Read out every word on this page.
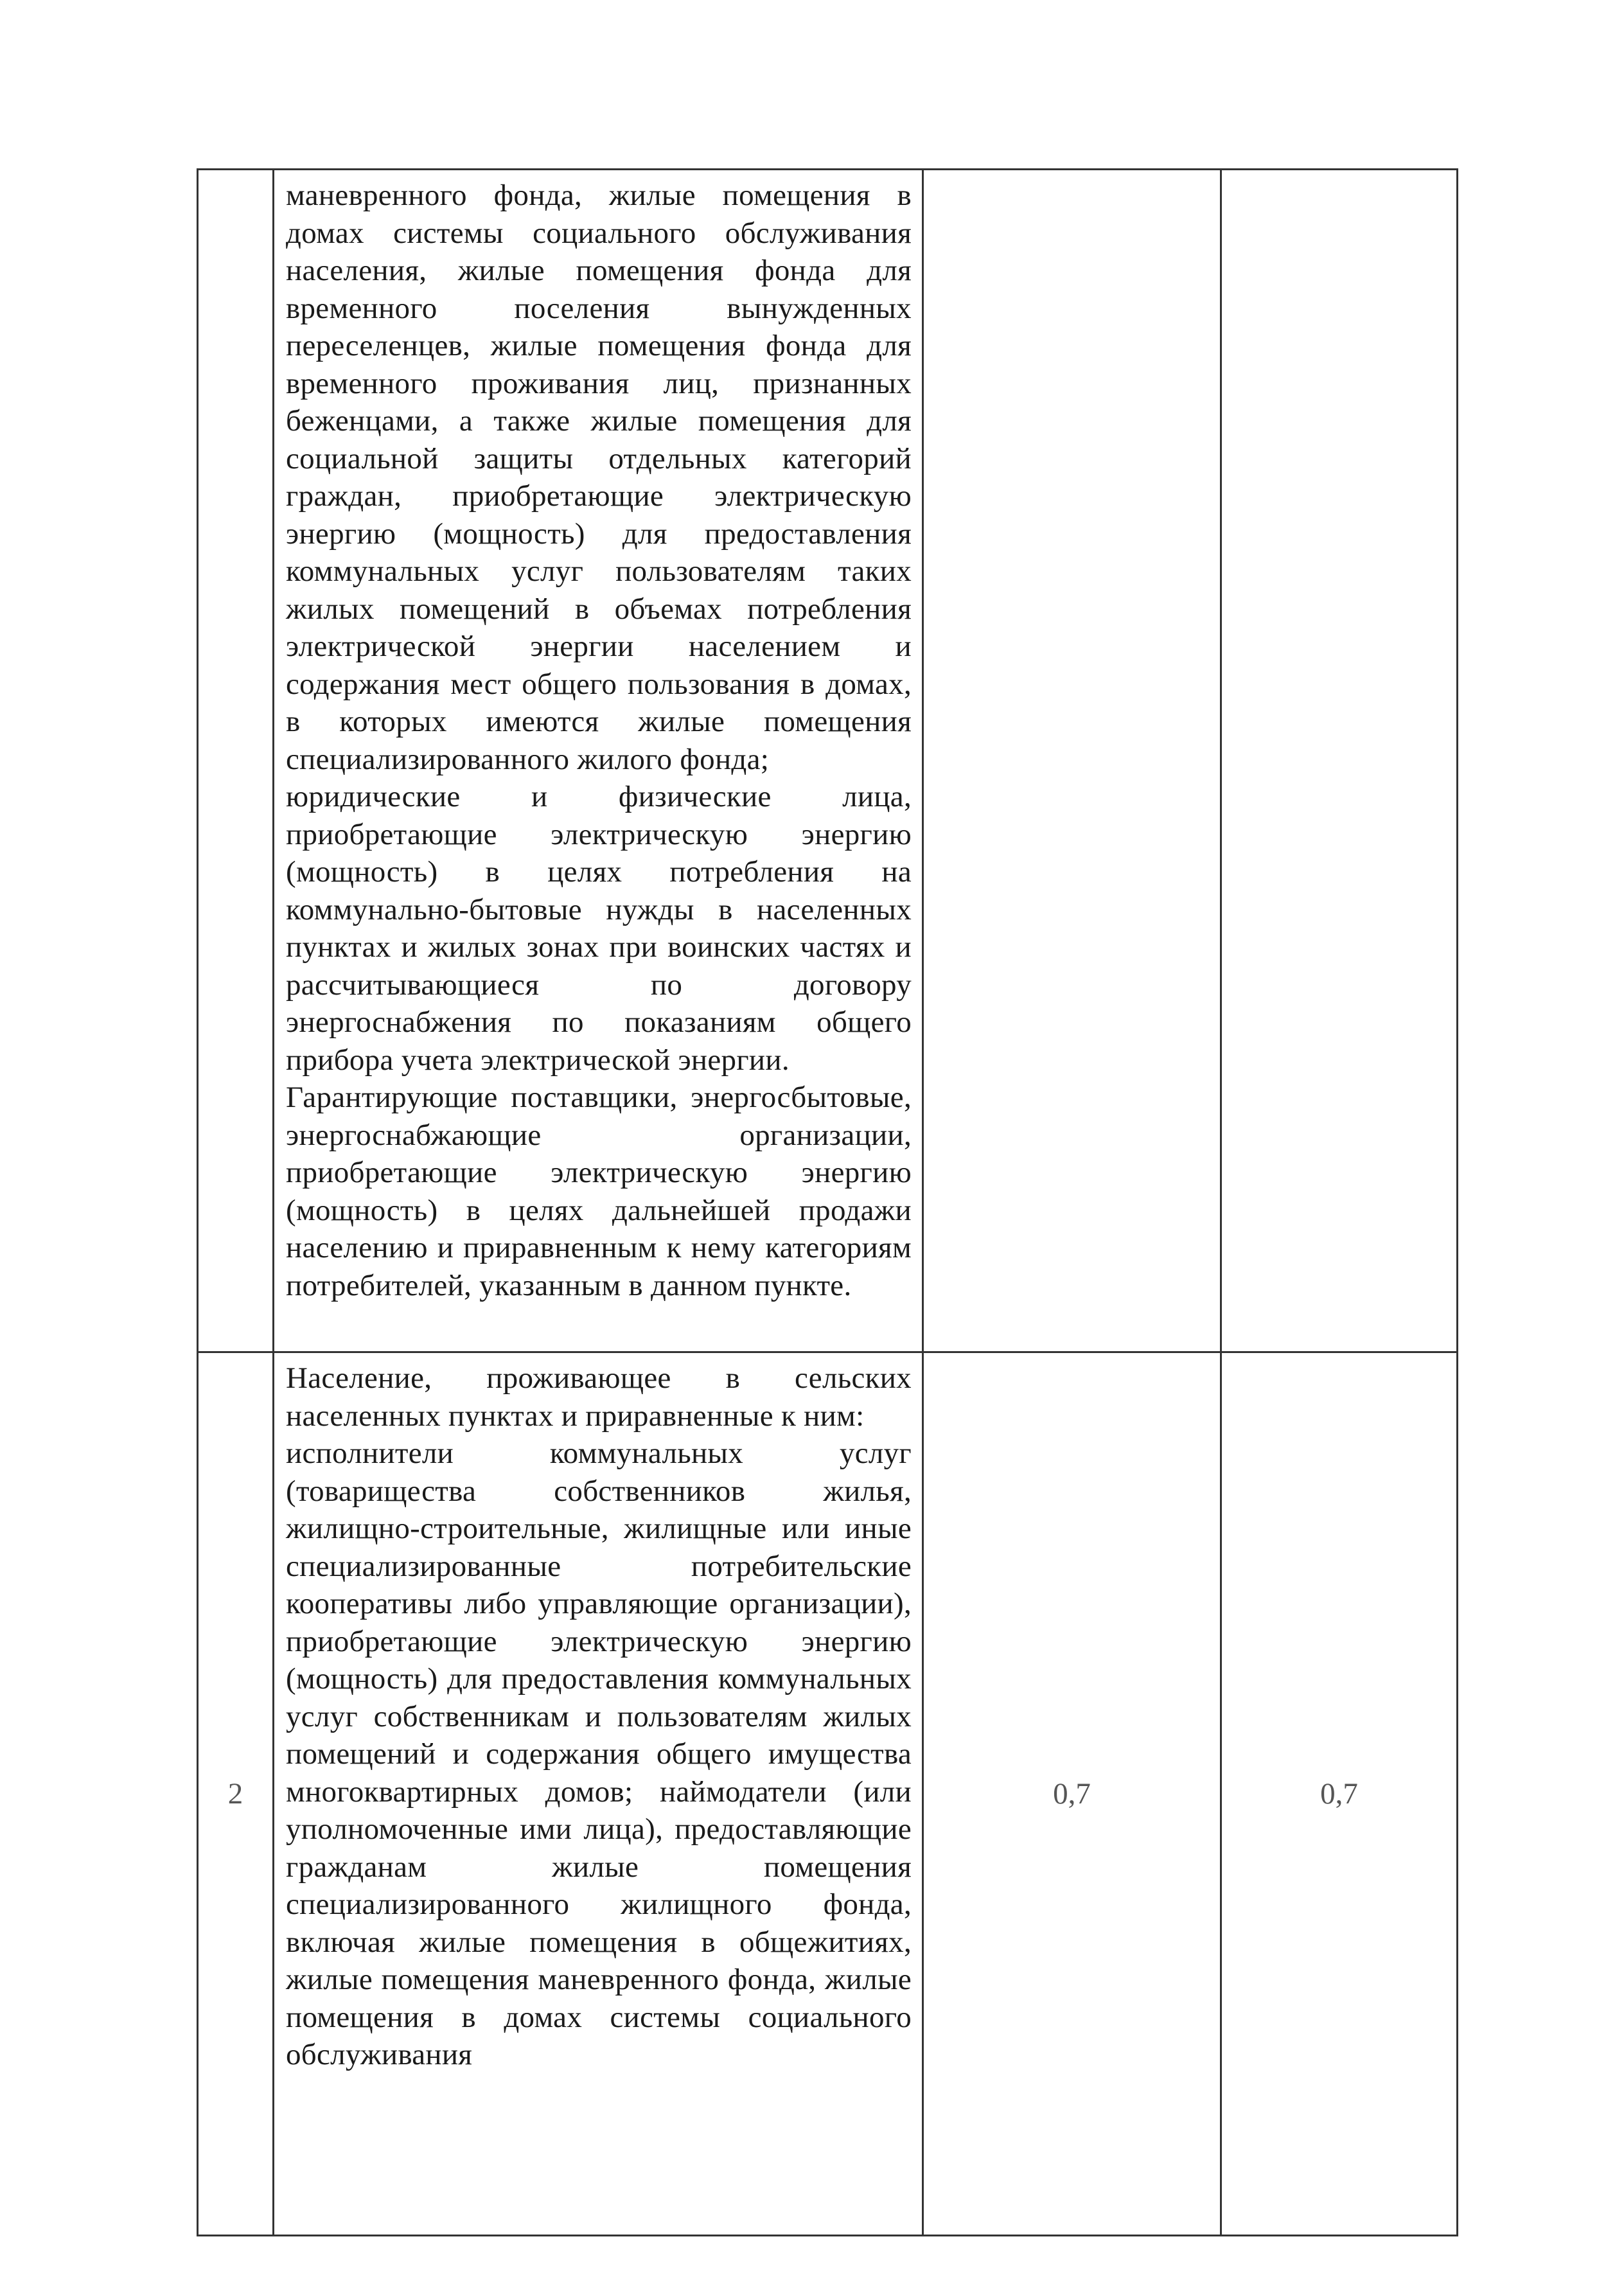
	маневренного фонда, жилые помещения в домах системы социального обслуживания населения, жилые помещения фонда для временного поселения вынужденных переселенцев, жилые помещения фонда для временного проживания лиц, признанных беженцами, а также жилые помещения для социальной защиты отдельных категорий граждан, приобретающие электрическую энергию (мощность) для предоставления коммунальных услуг пользователям таких жилых помещений в объемах потребления электрической энергии населением и содержания мест общего пользования в домах, в которых имеются жилые помещения специализированного жилого фонда;

юридические и физические лица, приобретающие электрическую энергию (мощность) в целях потребления на коммунально-бытовые нужды в населенных пунктах и жилых зонах при воинских частях и рассчитывающиеся по договору энергоснабжения по показаниям общего прибора учета электрической энергии.

Гарантирующие поставщики, энергосбытовые, энергоснабжающие организации, приобретающие электрическую энергию (мощность) в целях дальнейшей продажи населению и приравненным к нему категориям потребителей, указанным в данном пункте.		

2	Население, проживающее в сельских населенных пунктах и приравненные к ним:

исполнители коммунальных услуг (товарищества собственников жилья, жилищно-строительные, жилищные или иные специализированные потребительские кооперативы либо управляющие организации), приобретающие электрическую энергию (мощность) для предоставления коммунальных услуг собственникам и пользователям жилых помещений и содержания общего имущества многоквартирных домов; наймодатели (или уполномоченные ими лица), предоставляющие гражданам жилые помещения специализированного жилищного фонда, включая жилые помещения в общежитиях, жилые помещения маневренного фонда, жилые помещения в домах системы социального обслуживания	0,7	0,7
